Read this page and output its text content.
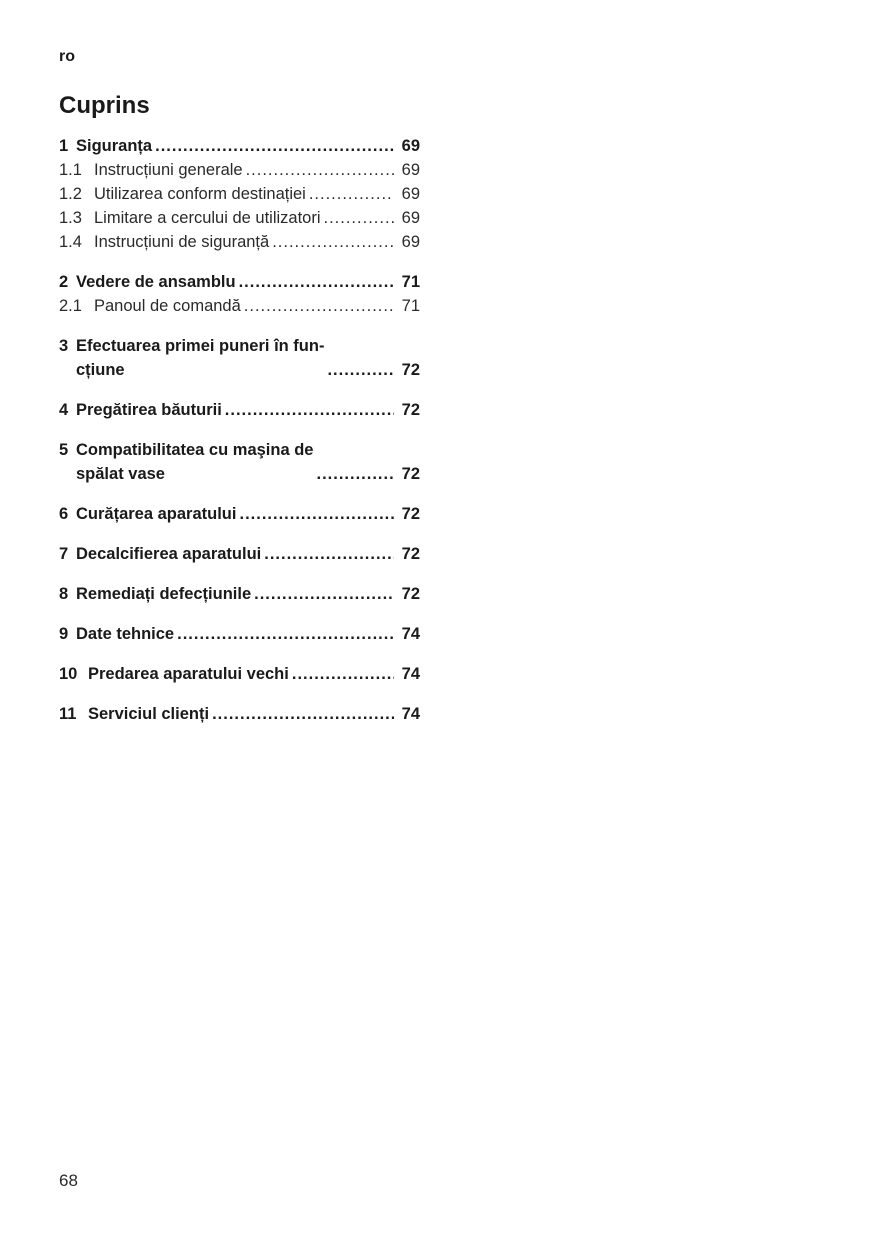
ro
Cuprins
1 Siguranța .....	69
1.1 Instrucțiuni generale .....	69
1.2 Utilizarea conform destinației .....	69
1.3 Limitare a cercului de utilizatori .....	69
1.4 Instrucțiuni de siguranță .....	69
2 Vedere de ansamblu .....	71
2.1 Panoul de comandă .....	71
3 Efectuarea primei puneri în fun-
cțiune .....	72
4 Pregătirea băuturii .....	72
5 Compatibilitatea cu maşina de
spălat vase .....	72
6 Curățarea aparatului .....	72
7 Decalcifierea aparatului .....	72
8 Remediați defecțiunile .....	72
9 Date tehnice .....	74
10 Predarea aparatului vechi .....	74
11 Serviciul clienți .....	74
68
